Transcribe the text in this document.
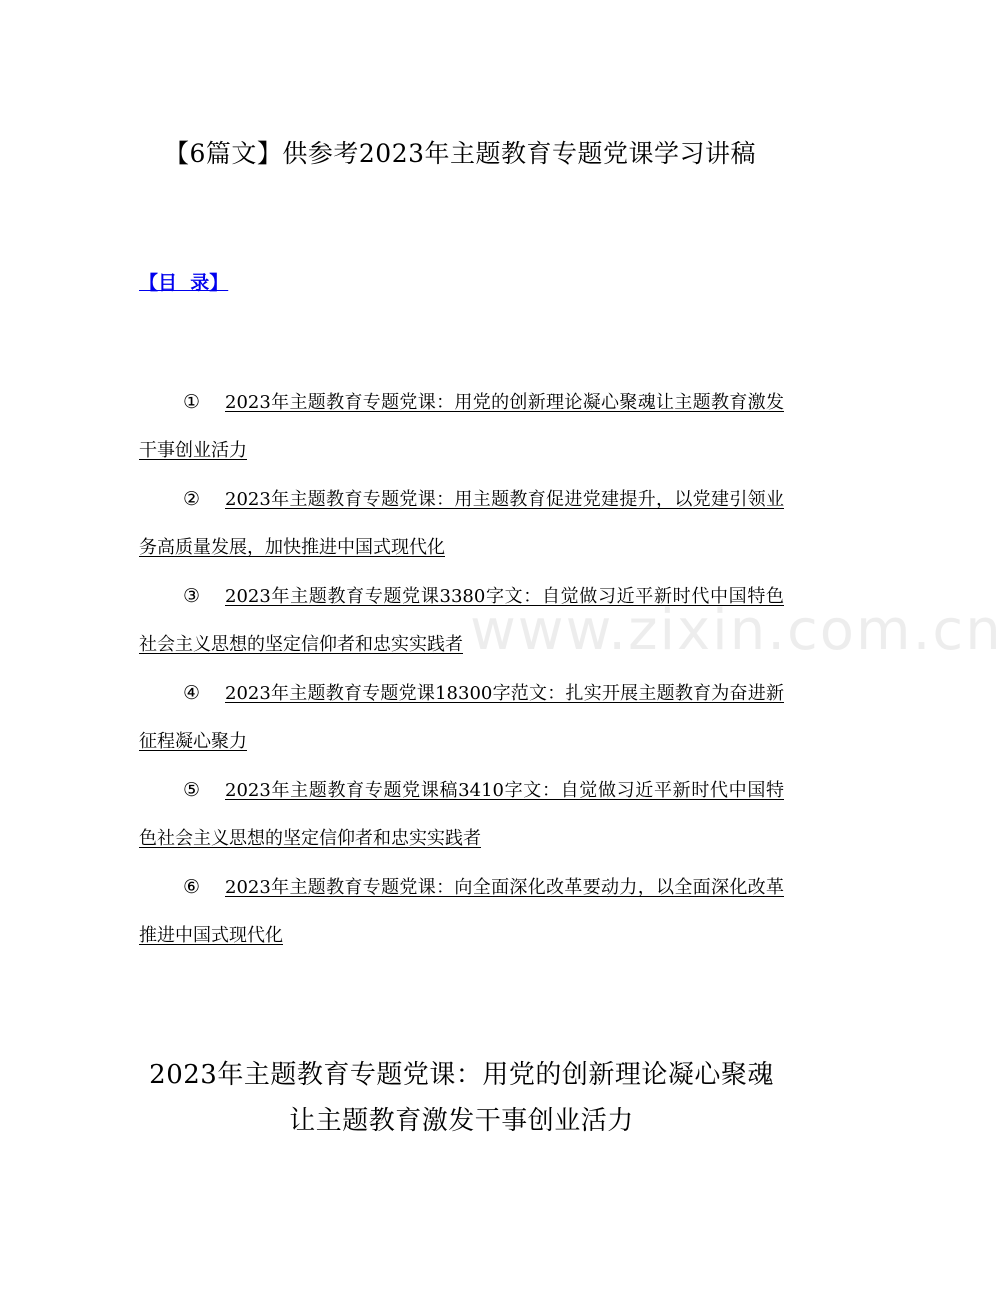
【6篇文】供参考2023年主题教育专题党课学习讲稿
【目  录】
① 2023年主题教育专题党课：用党的创新理论凝心聚魂让主题教育激发干事创业活力
② 2023年主题教育专题党课：用主题教育促进党建提升，以党建引领业务高质量发展，加快推进中国式现代化
③ 2023年主题教育专题党课3380字文：自觉做习近平新时代中国特色社会主义思想的坚定信仰者和忠实实践者
④ 2023年主题教育专题党课18300字范文：扎实开展主题教育为奋进新征程凝心聚力
⑤ 2023年主题教育专题党课稿3410字文：自觉做习近平新时代中国特色社会主义思想的坚定信仰者和忠实实践者
⑥ 2023年主题教育专题党课：向全面深化改革要动力，以全面深化改革推进中国式现代化
www.zixin.com.cn
2023年主题教育专题党课：用党的创新理论凝心聚魂让主题教育激发干事创业活力
